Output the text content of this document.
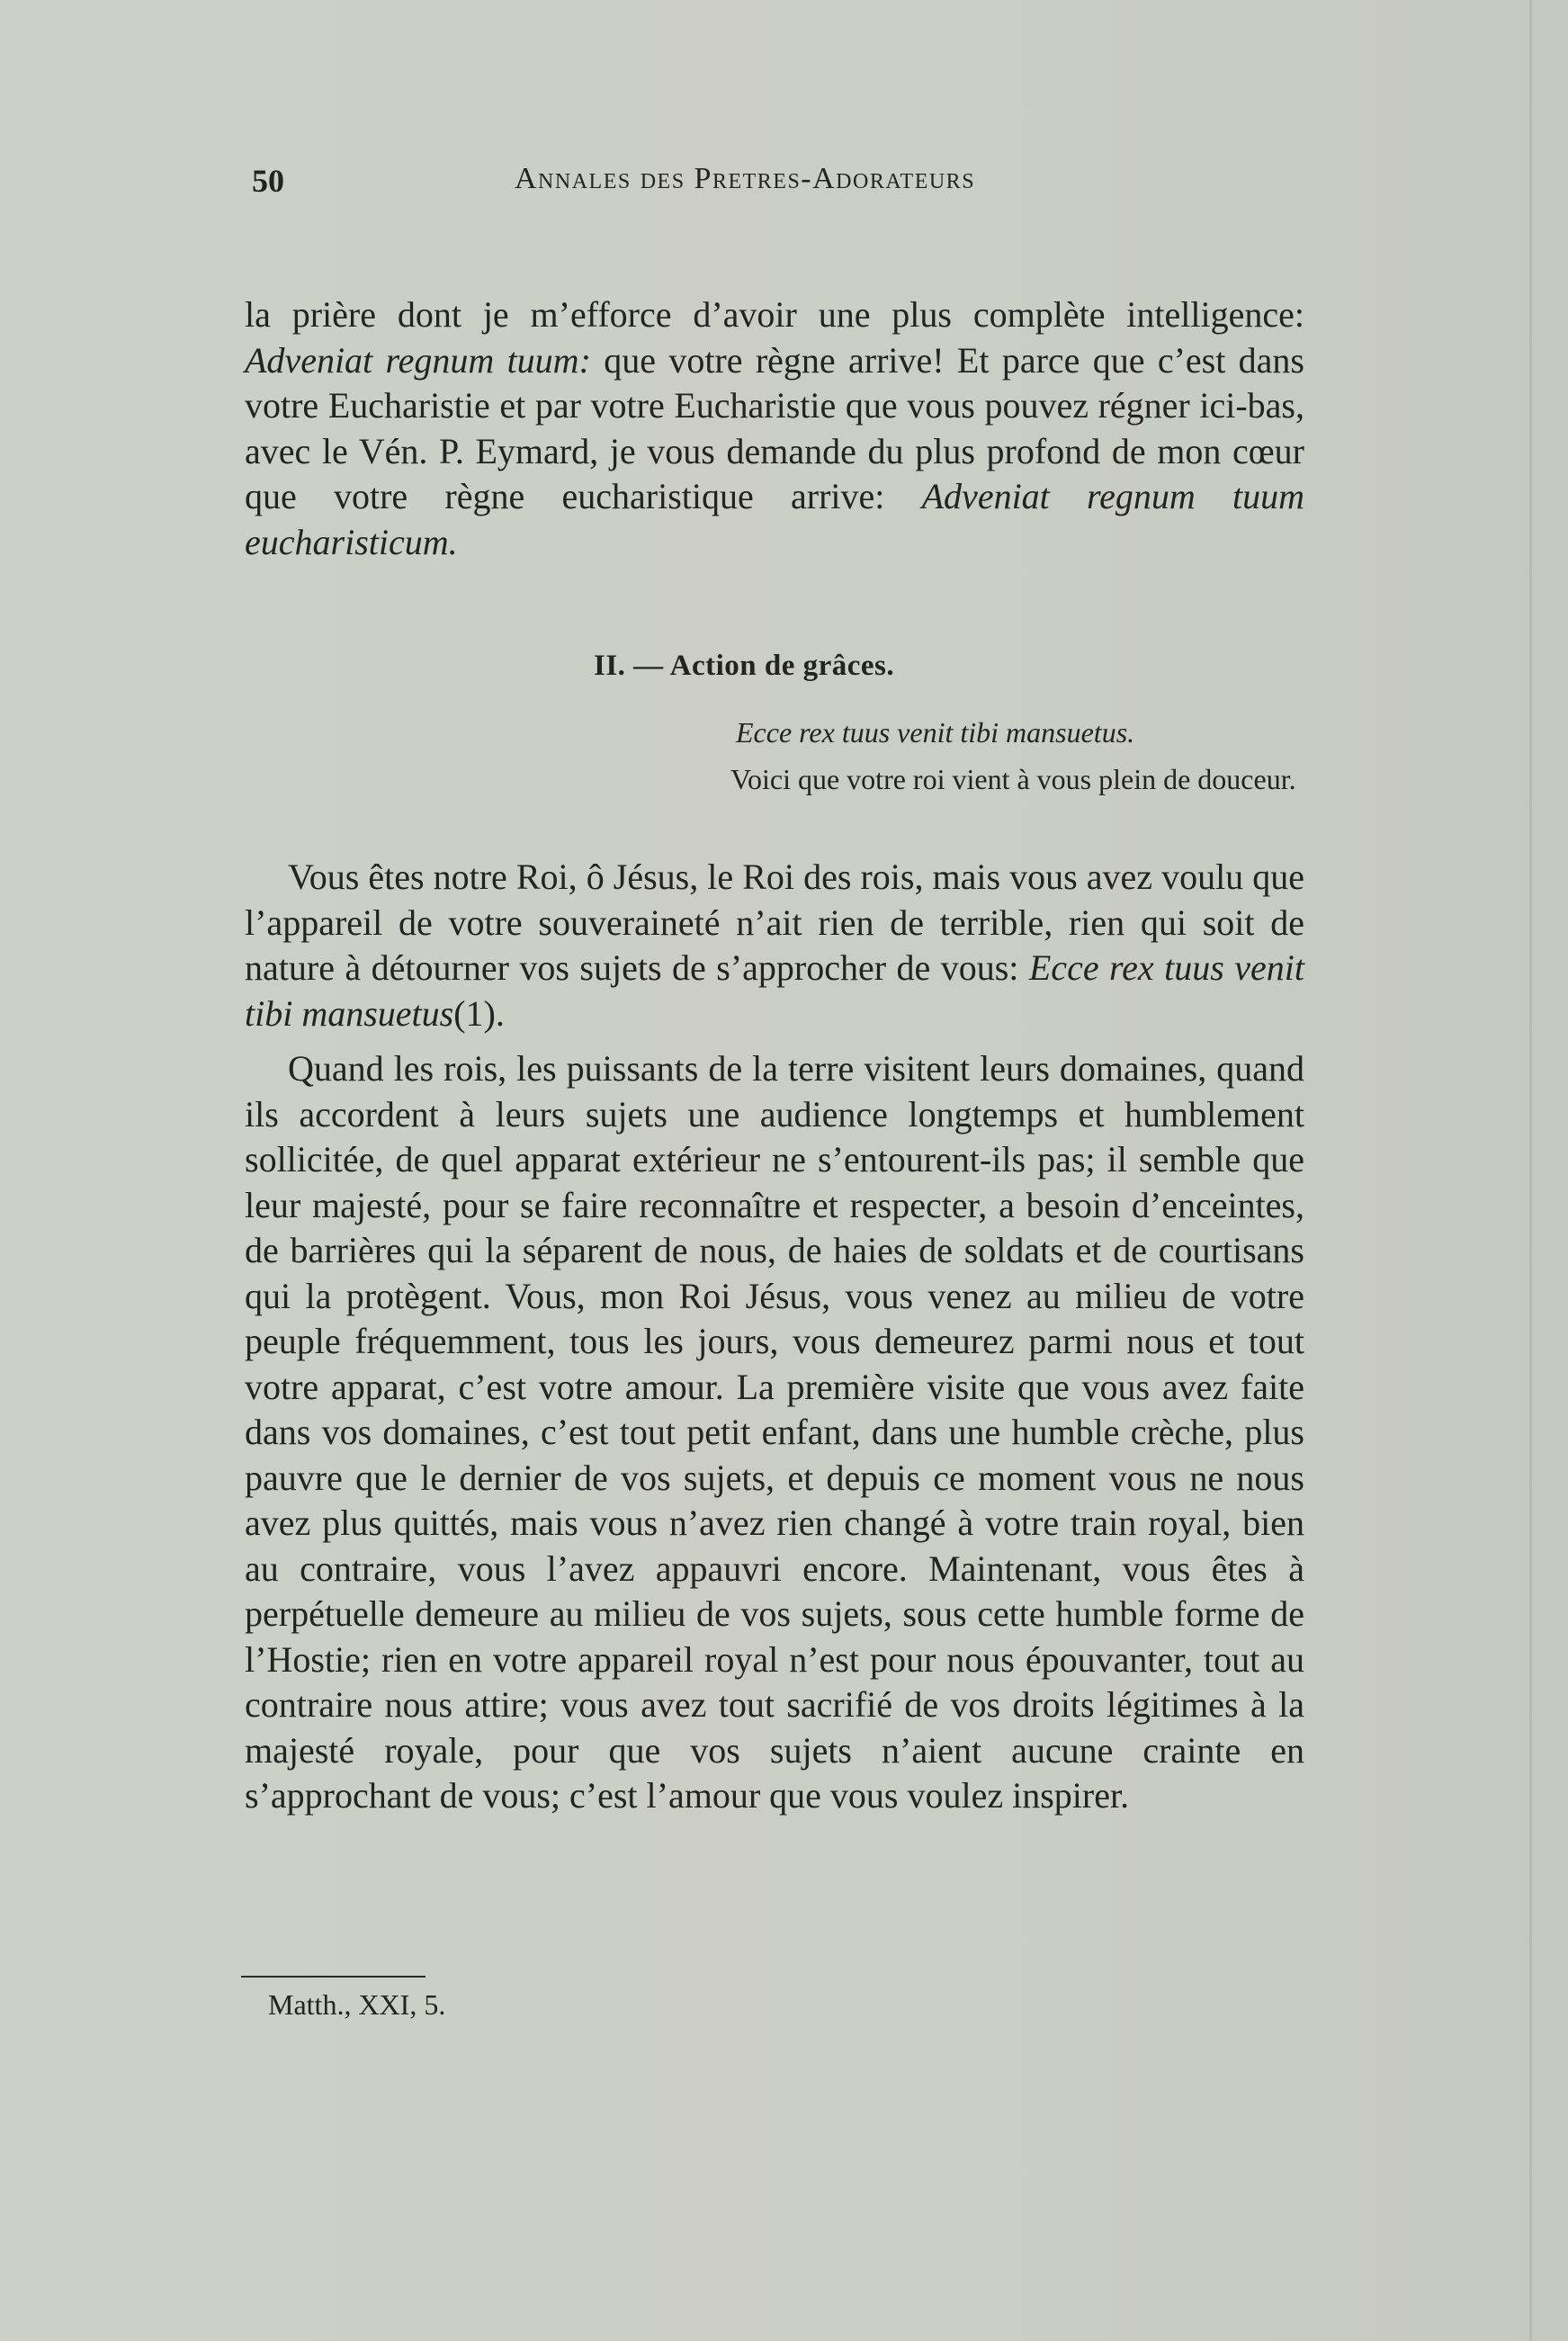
50	Annales des Pretres-Adorateurs

la prière dont je m’efforce d’avoir une plus complète intelligence: Adveniat regnum tuum: que votre règne arrive! Et parce que c’est dans votre Eucharistie et par votre Eucharistie que vous pouvez régner ici-bas, avec le Vén. P. Eymard, je vous demande du plus profond de mon cœur que votre règne eucharistique arrive: Adveniat regnum tuum eucharisticum.

II. — Action de grâces.
Ecce rex tuus venit tibi mansuetus.
Voici que votre roi vient à vous plein de douceur.

Vous êtes notre Roi, ô Jésus, le Roi des rois, mais vous avez voulu que l’appareil de votre souveraineté n’ait rien de terrible, rien qui soit de nature à détourner vos sujets de s’approcher de vous: Ecce rex tuus venit tibi mansuetus(1).

Quand les rois, les puissants de la terre visitent leurs domaines, quand ils accordent à leurs sujets une audience longtemps et humblement sollicitée, de quel apparat extérieur ne s’entourent-ils pas; il semble que leur majesté, pour se faire reconnaître et respecter, a besoin d’enceintes, de barrières qui la séparent de nous, de haies de soldats et de courtisans qui la protègent. Vous, mon Roi Jésus, vous venez au milieu de votre peuple fréquemment, tous les jours, vous demeurez parmi nous et tout votre apparat, c’est votre amour. La première visite que vous avez faite dans vos domaines, c’est tout petit enfant, dans une humble crèche, plus pauvre que le dernier de vos sujets, et depuis ce moment vous ne nous avez plus quittés, mais vous n’avez rien changé à votre train royal, bien au contraire, vous l’avez appauvri encore. Maintenant, vous êtes à perpétuelle demeure au milieu de vos sujets, sous cette humble forme de l’Hostie; rien en votre appareil royal n’est pour nous épouvanter, tout au contraire nous attire; vous avez tout sacrifié de vos droits légitimes à la majesté royale, pour que vos sujets n’aient aucune crainte en s’approchant de vous; c’est l’amour que vous voulez inspirer.

Matth., XXI, 5.
